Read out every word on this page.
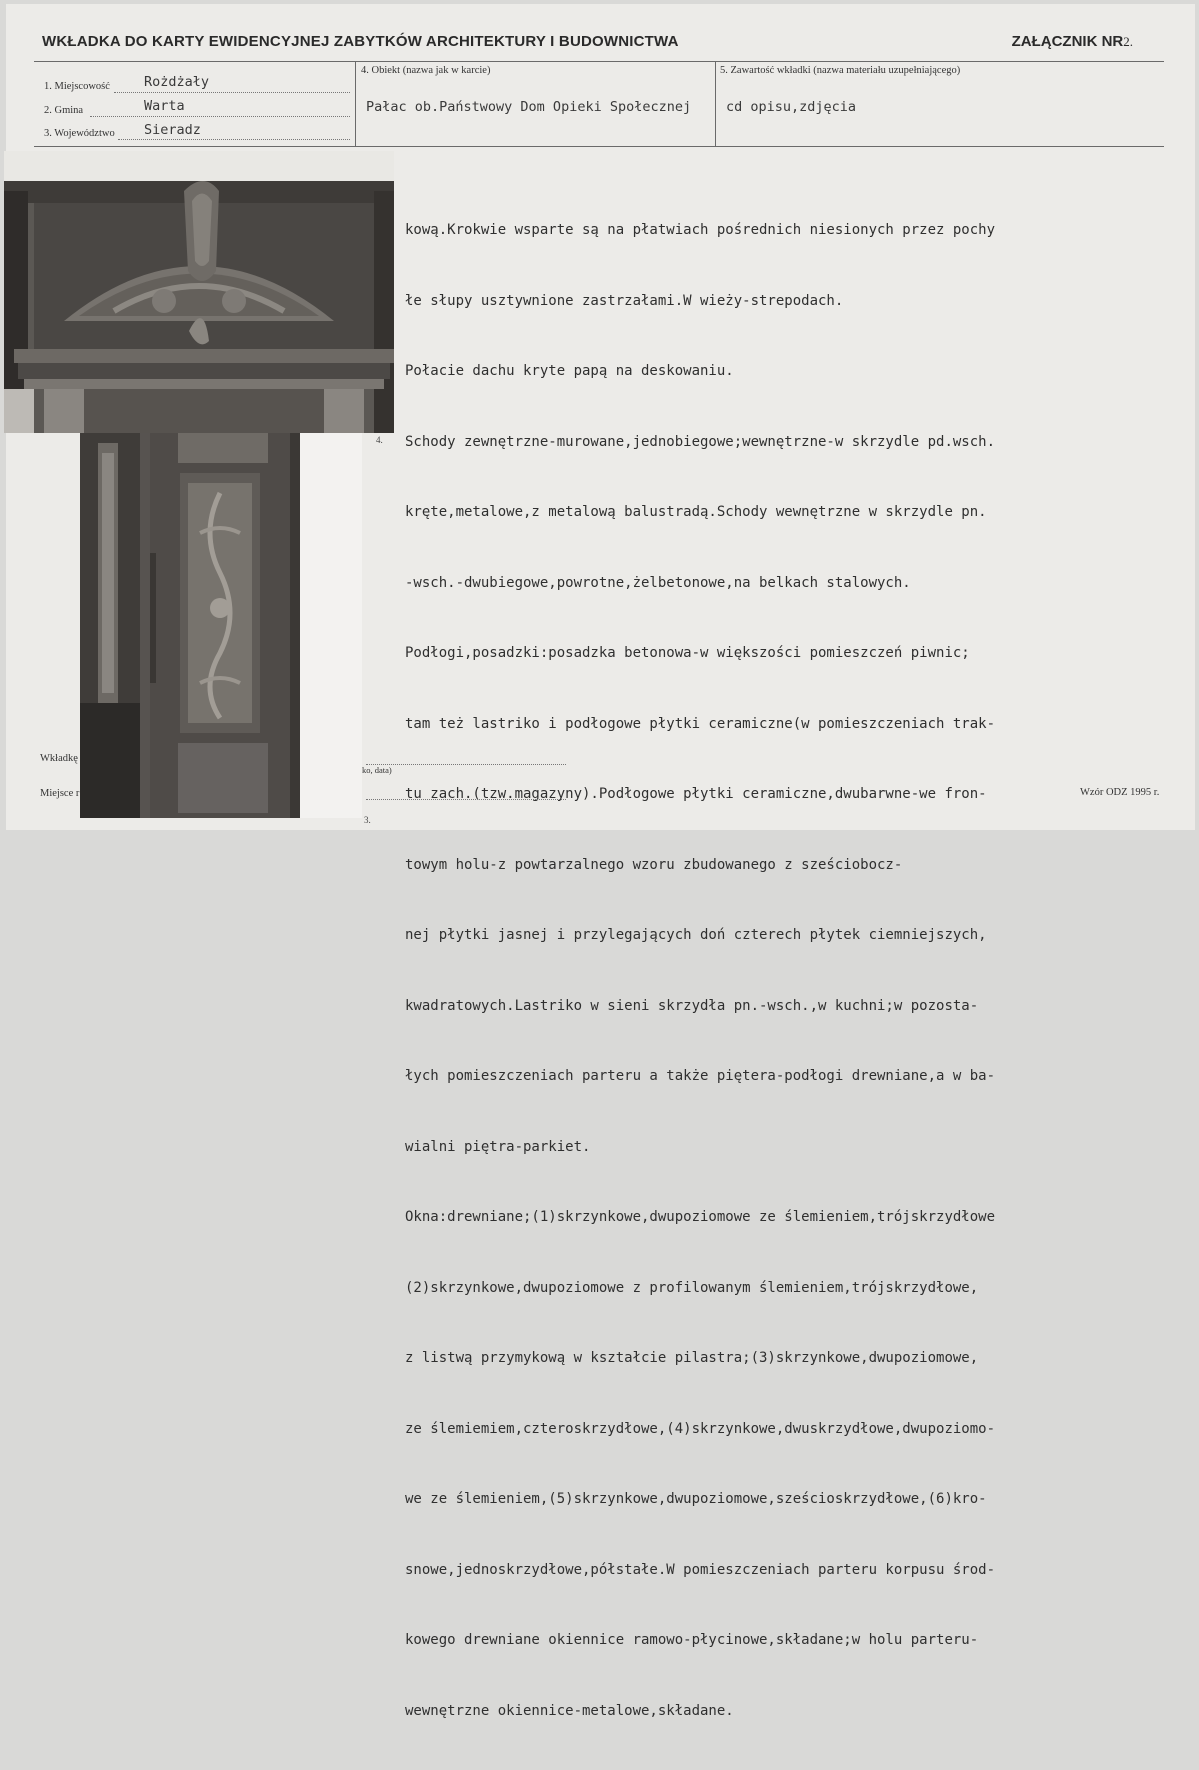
WKŁADKA DO KARTY EWIDENCYJNEJ ZABYTKÓW ARCHITEKTURY I BUDOWNICTWA	ZAŁĄCZNIK NR2.
1. Miejscowość	Rożdżały
2. Gmina	Warta
3. Województwo Sieradz
4. Obiekt (nazwa jak w karcie)
Pałac ob.Państwowy Dom Opieki Społecznej
5. Zawartość wkładki (nazwa materiału uzupełniającego)
cd opisu,zdjęcia

kową.Krokwie wsparte są na płatwiach pośrednich niesionych przez pochy

łe słupy usztywnione zastrzałami.W wieży-strepodach.

Połacie dachu kryte papą na deskowaniu.

Schody zewnętrzne-murowane,jednobiegowe;wewnętrzne-w skrzydle pd.wsch.

kręte,metalowe,z metalową balustradą.Schody wewnętrzne w skrzydle pn.

-wsch.-dwubiegowe,powrotne,żelbetonowe,na belkach stalowych.

Podłogi,posadzki:posadzka betonowa-w większości pomieszczeń piwnic;

tam też lastriko i podłogowe płytki ceramiczne(w pomieszczeniach trak-

tu zach.(tzw.magazyny).Podłogowe płytki ceramiczne,dwubarwne-we fron-

towym holu-z powtarzalnego wzoru zbudowanego z sześciobocz-

nej płytki jasnej i przylegających doń czterech płytek ciemniejszych,

kwadratowych.Lastriko w sieni skrzydła pn.-wsch.,w kuchni;w pozosta-

łych pomieszczeniach parteru a także piętera-podłogi drewniane,a w ba-

wialni piętra-parkiet.

Okna:drewniane;(1)skrzynkowe,dwupoziomowe ze ślemieniem,trójskrzydłowe

(2)skrzynkowe,dwupoziomowe z profilowanym ślemieniem,trójskrzydłowe,

z listwą przymykową w kształcie pilastra;(3)skrzynkowe,dwupoziomowe,

ze ślemiemiem,czteroskrzydłowe,(4)skrzynkowe,dwuskrzydłowe,dwupoziomo-

we ze ślemieniem,(5)skrzynkowe,dwupoziomowe,sześcioskrzydłowe,(6)kro-

snowe,jednoskrzydłowe,półstałe.W pomieszczeniach parteru korpusu środ-

kowego drewniane okiennice ramowo-płycinowe,składane;w holu parteru-

wewnętrzne okiennice-metalowe,składane.

Wkładkę
ko, data)
Miejsce r	Wzór ODZ 1995 r.
4.
3.
